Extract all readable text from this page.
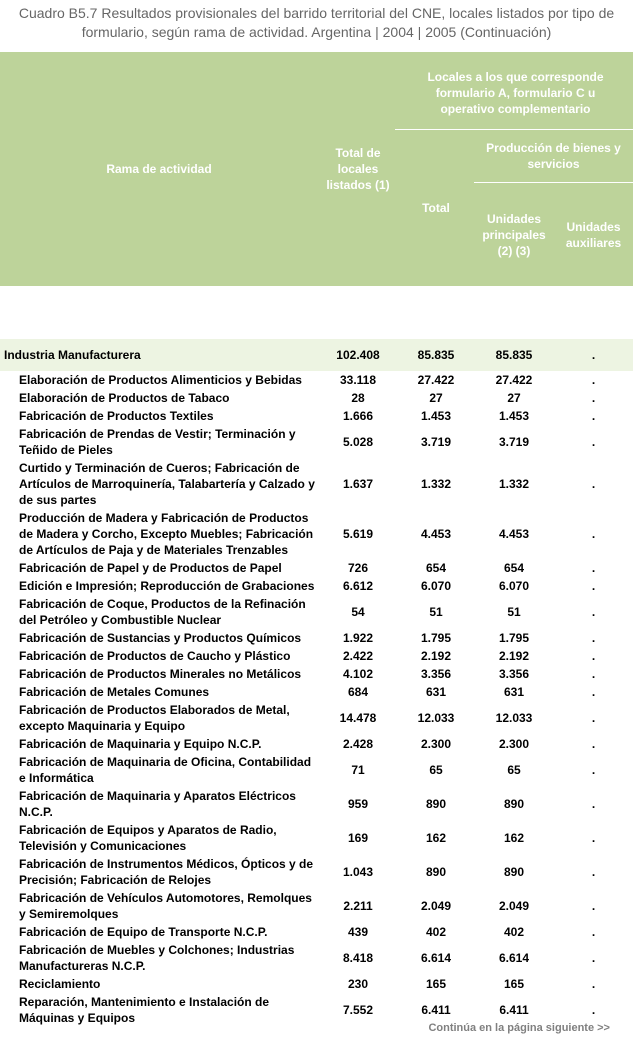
Cuadro B5.7 Resultados provisionales del barrido territorial del CNE, locales listados por tipo de formulario, según rama de actividad. Argentina | 2004 | 2005 (Continuación)
Rama de actividad
Total de locales listados (1)
Locales a los que corresponde formulario A, formulario C u operativo complementario
Total
Producción de bienes y servicios
Unidades principales (2) (3)
Unidades auxiliares
Industria Manufacturera	102.408	85.835	85.835	.
Elaboración de Productos Alimenticios y Bebidas	33.118	27.422	27.422	.
Elaboración de Productos de Tabaco	28	27	27	.
Fabricación de Productos Textiles	1.666	1.453	1.453	.
Fabricación de Prendas de Vestir; Terminación y Teñido de Pieles	5.028	3.719	3.719	.
Curtido y Terminación de Cueros; Fabricación de Artículos de Marroquinería, Talabartería y Calzado y de sus partes	1.637	1.332	1.332	.
Producción de Madera y Fabricación de Productos de Madera y Corcho, Excepto Muebles; Fabricación de Artículos de Paja y de Materiales Trenzables	5.619	4.453	4.453	.
Fabricación de Papel y de Productos de Papel	726	654	654	.
Edición e Impresión; Reproducción de Grabaciones	6.612	6.070	6.070	.
Fabricación de Coque, Productos de la Refinación del Petróleo y Combustible Nuclear	54	51	51	.
Fabricación de Sustancias y Productos Químicos	1.922	1.795	1.795	.
Fabricación de Productos de Caucho y Plástico	2.422	2.192	2.192	.
Fabricación de Productos Minerales no Metálicos	4.102	3.356	3.356	.
Fabricación de Metales Comunes	684	631	631	.
Fabricación de Productos Elaborados de Metal, excepto Maquinaria y Equipo	14.478	12.033	12.033	.
Fabricación de Maquinaria y Equipo N.C.P.	2.428	2.300	2.300	.
Fabricación de Maquinaria de Oficina, Contabilidad e Informática	71	65	65	.
Fabricación de Maquinaria y Aparatos Eléctricos N.C.P.	959	890	890	.
Fabricación de Equipos y Aparatos de Radio, Televisión y Comunicaciones	169	162	162	.
Fabricación de Instrumentos Médicos, Ópticos y de Precisión; Fabricación de Relojes	1.043	890	890	.
Fabricación de Vehículos Automotores, Remolques y Semiremolques	2.211	2.049	2.049	.
Fabricación de Equipo de Transporte N.C.P.	439	402	402	.
Fabricación de Muebles y Colchones; Industrias Manufactureras N.C.P.	8.418	6.614	6.614	.
Reciclamiento	230	165	165	.
Reparación, Mantenimiento e Instalación de Máquinas y Equipos	7.552	6.411	6.411	.
Continúa en la página siguiente >>
